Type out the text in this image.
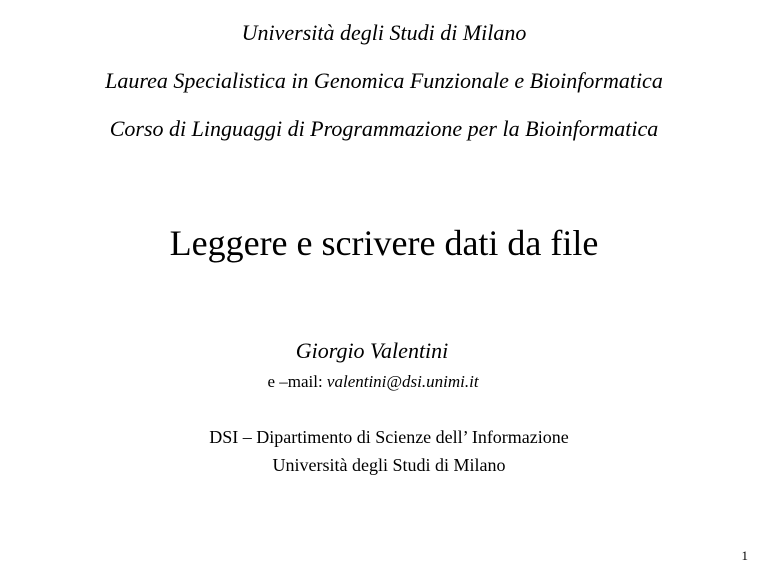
Università degli Studi di Milano

Laurea Specialistica in Genomica Funzionale e Bioinformatica

Corso di Linguaggi di Programmazione per la Bioinformatica

Leggere e scrivere dati da file

Giorgio Valentini

e –mail: valentini@dsi.unimi.it

DSI – Dipartimento di Scienze dell’ Informazione

Università degli Studi di Milano

1
